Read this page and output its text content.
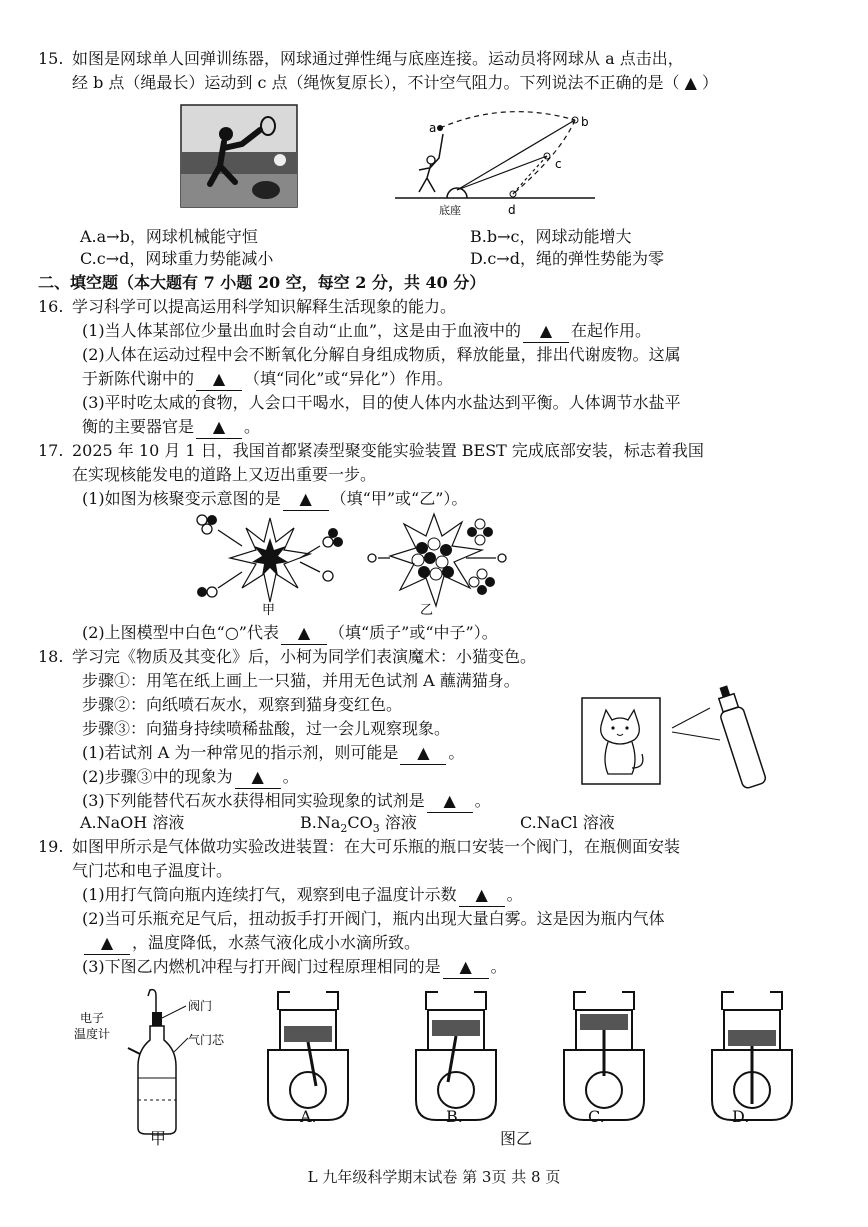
15. 如图是网球单人回弹训练器，网球通过弹性绳与底座连接。运动员将网球从 a 点击出，
经 b 点（绳最长）运动到 c 点（绳恢复原长），不计空气阻力。下列说法不正确的是（ ▲ ）
a	b
c
d
底座
A.a→b，网球机械能守恒	B.b→c，网球动能增大
C.c→d，网球重力势能减小	D.c→d，绳的弹性势能为零
二、填空题（本大题有 7 小题 20 空，每空 2 分，共 40 分）
16. 学习科学可以提高运用科学知识解释生活现象的能力。
(1)当人体某部位少量出血时会自动“止血”，这是由于血液中的 ▲ 在起作用。
(2)人体在运动过程中会不断氧化分解自身组成物质，释放能量，排出代谢废物。这属
于新陈代谢中的 ▲ （填“同化”或“异化”）作用。
(3)平时吃太咸的食物，人会口干喝水，目的使人体内水盐达到平衡。人体调节水盐平
衡的主要器官是 ▲ 。
17. 2025 年 10 月 1 日，我国首都紧凑型聚变能实验装置 BEST 完成底部安装，标志着我国
在实现核能发电的道路上又迈出重要一步。
(1)如图为核聚变示意图的是 ▲ （填“甲”或“乙”）。
甲	乙
(2)上图模型中白色“○”代表 ▲ （填“质子”或“中子”）。
18. 学习完《物质及其变化》后，小柯为同学们表演魔术：小猫变色。
步骤①：用笔在纸上画上一只猫，并用无色试剂 A 蘸满猫身。
步骤②：向纸喷石灰水，观察到猫身变红色。
步骤③：向猫身持续喷稀盐酸，过一会儿观察现象。
(1)若试剂 A 为一种常见的指示剂，则可能是 ▲ 。
(2)步骤③中的现象为 ▲ 。
(3)下列能替代石灰水获得相同实验现象的试剂是 ▲ 。
A.NaOH 溶液	$B.Na_2CO_3$ 溶液	C.NaCl 溶液
19. 如图甲所示是气体做功实验改进装置：在大可乐瓶的瓶口安装一个阀门，在瓶侧面安装
气门芯和电子温度计。
(1)用打气筒向瓶内连续打气，观察到电子温度计示数 ▲ 。
(2)当可乐瓶充足气后，扭动扳手打开阀门，瓶内出现大量白雾。这是因为瓶内气体
▲ ，温度降低，水蒸气液化成小水滴所致。
(3)下图乙内燃机冲程与打开阀门过程原理相同的是 ▲ 。
阀门
电子
温度计	气门芯
A.	B.	C.	D.
甲	图乙
L 九年级科学期末试卷 第 3页 共 8 页
